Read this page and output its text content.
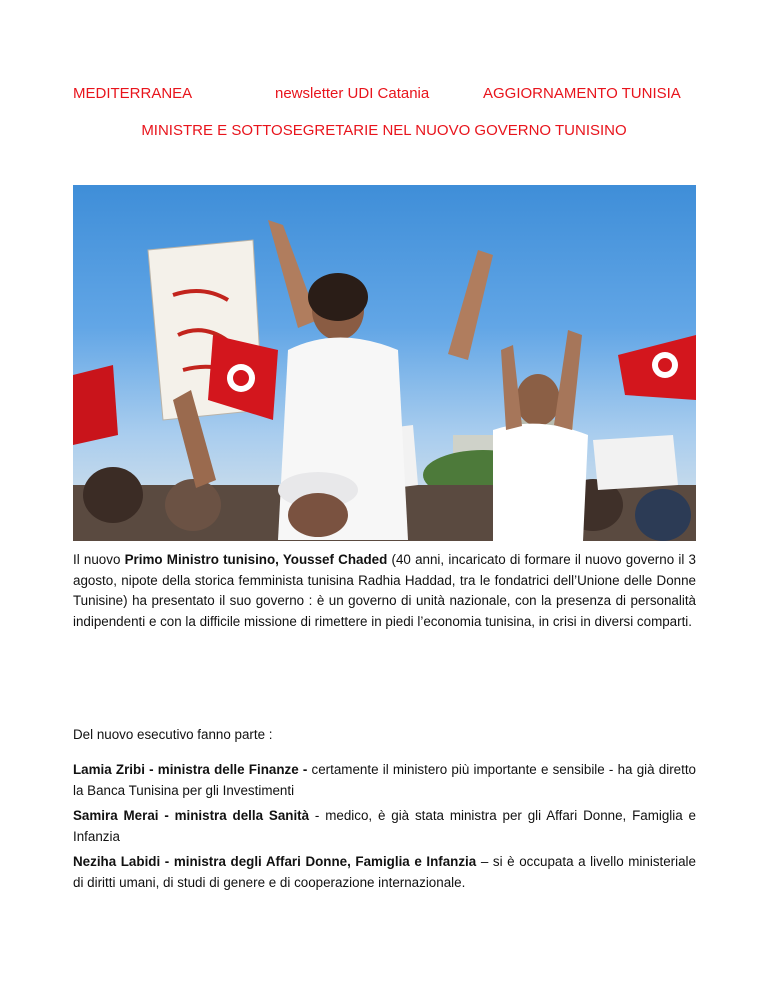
MEDITERRANEA	newsletter UDI Catania	AGGIORNAMENTO TUNISIA
MINISTRE E SOTTOSEGRETARIE NEL NUOVO GOVERNO TUNISINO
Il nuovo Primo Ministro tunisino, Youssef Chaded (40 anni, incaricato di formare il nuovo governo il 3 agosto, nipote della storica femminista tunisina Radhia Haddad, tra le fondatrici dell’Unione delle Donne Tunisine) ha presentato il suo governo : è un governo di unità nazionale, con la presenza di personalità indipendenti e con la difficile missione di rimettere in piedi l’economia tunisina, in crisi in diversi comparti.
Del nuovo esecutivo fanno parte :
Lamia Zribi - ministra delle Finanze - certamente il ministero più importante e sensibile - ha già diretto la Banca Tunisina per gli Investimenti
Samira Merai - ministra della Sanità - medico, è già stata ministra per gli Affari Donne, Famiglia e Infanzia
Neziha Labidi - ministra degli Affari Donne, Famiglia e Infanzia – si è occupata a livello ministeriale di diritti umani, di studi di genere e di cooperazione internazionale.
